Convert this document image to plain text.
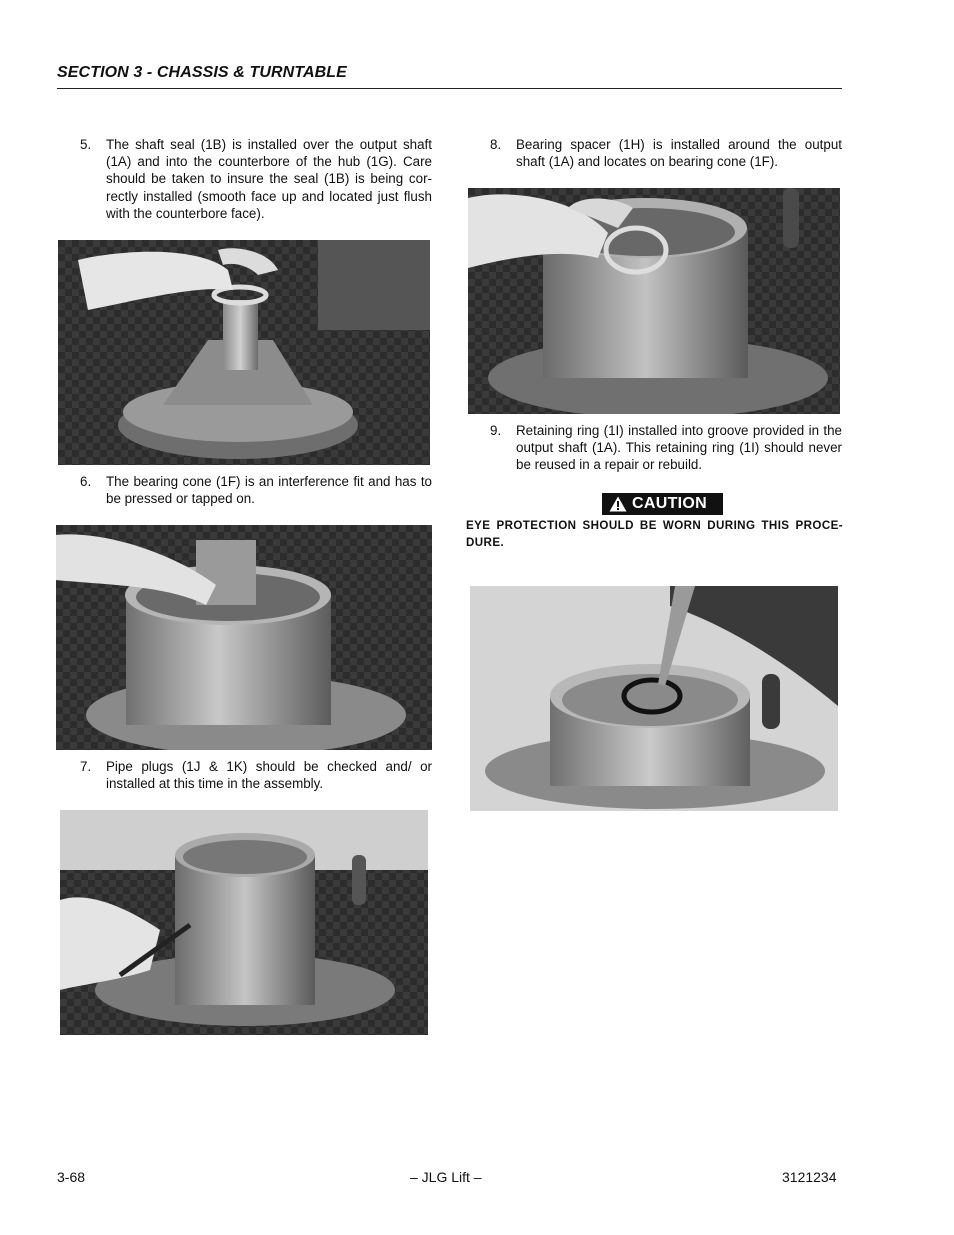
SECTION 3 - CHASSIS & TURNTABLE
5. The shaft seal (1B) is installed over the output shaft (1A) and into the counterbore of the hub (1G). Care should be taken to insure the seal (1B) is being cor- rectly installed (smooth face up and located just flush with the counterbore face).
6. The bearing cone (1F) is an interference fit and has to be pressed or tapped on.
7. Pipe plugs (1J & 1K) should be checked and/ or installed at this time in the assembly.
8. Bearing spacer (1H) is installed around the output shaft (1A) and locates on bearing cone (1F).
9. Retaining ring (1I) installed into groove provided in the output shaft (1A). This retaining ring (1I) should never be reused in a repair or rebuild.
CAUTION
EYE PROTECTION SHOULD BE WORN DURING THIS PROCE- DURE.
3-68	– JLG Lift –	3121234
